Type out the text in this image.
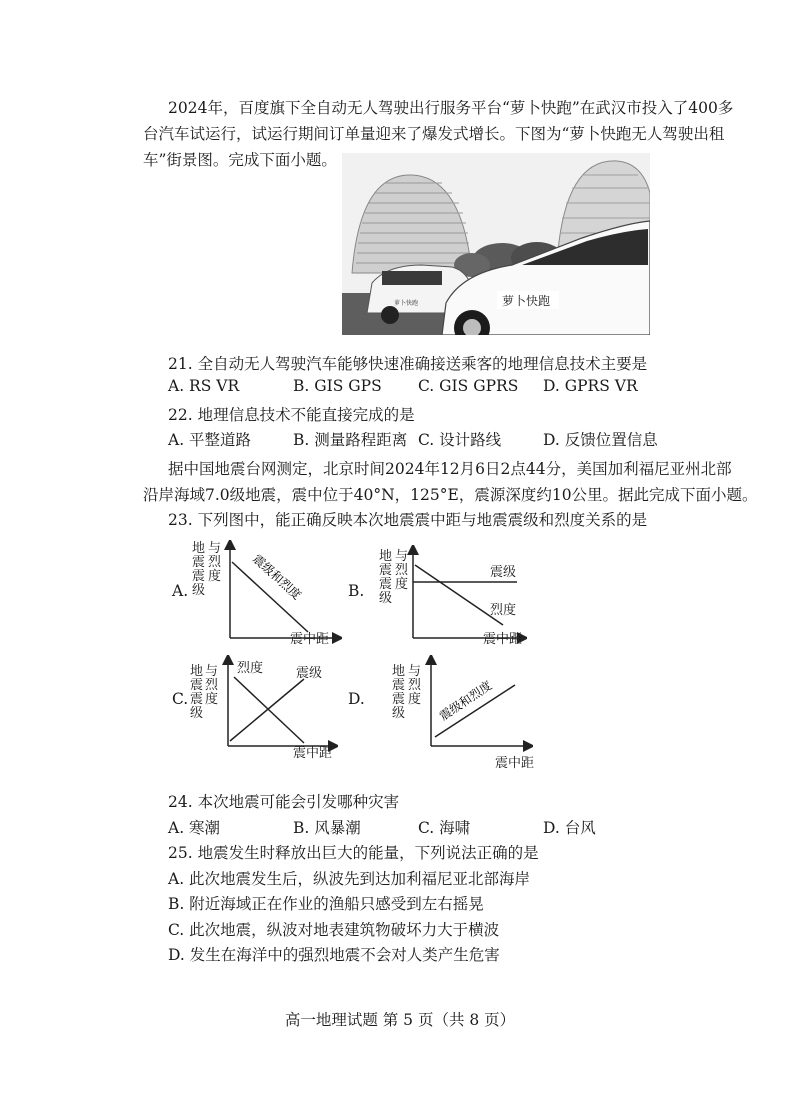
2024年，百度旗下全自动无人驾驶出行服务平台“萝卜快跑”在武汉市投入了400多
台汽车试运行，试运行期间订单量迎来了爆发式增长。下图为“萝卜快跑无人驾驶出租
车”街景图。完成下面小题。
萝卜快跑
萝卜快跑
21. 全自动无人驾驶汽车能够快速准确接送乘客的地理信息技术主要是
A. RS VR	B. GIS GPS C. GIS GPRS D. GPRS VR
22. 地理信息技术不能直接完成的是
A. 平整道路	B. 测量路程距离 C. 设计路线	D. 反馈位置信息
据中国地震台网测定，北京时间2024年12月6日2点44分，美国加利福尼亚州北部
沿岸海域7.0级地震，震中位于40°N，125°E，震源深度约10公里。据此完成下面小题。
23. 下列图中，能正确反映本次地震震中距与地震震级和烈度关系的是
A.
地震震级
与烈度 震级和烈度
震中距
B.
地震震级
与烈度
震级
烈度
震中距
C.
地震震级
与烈度
烈度	震级
震中距
D.
地震震级
与烈度 震级和烈度
震中距
24. 本次地震可能会引发哪种灾害
A. 寒潮	B. 风暴潮	C. 海啸	D. 台风
25. 地震发生时释放出巨大的能量，下列说法正确的是
A. 此次地震发生后，纵波先到达加利福尼亚北部海岸
B. 附近海域正在作业的渔船只感受到左右摇晃
C. 此次地震，纵波对地表建筑物破坏力大于横波
D. 发生在海洋中的强烈地震不会对人类产生危害
高一地理试题 第 5 页（共 8 页）
